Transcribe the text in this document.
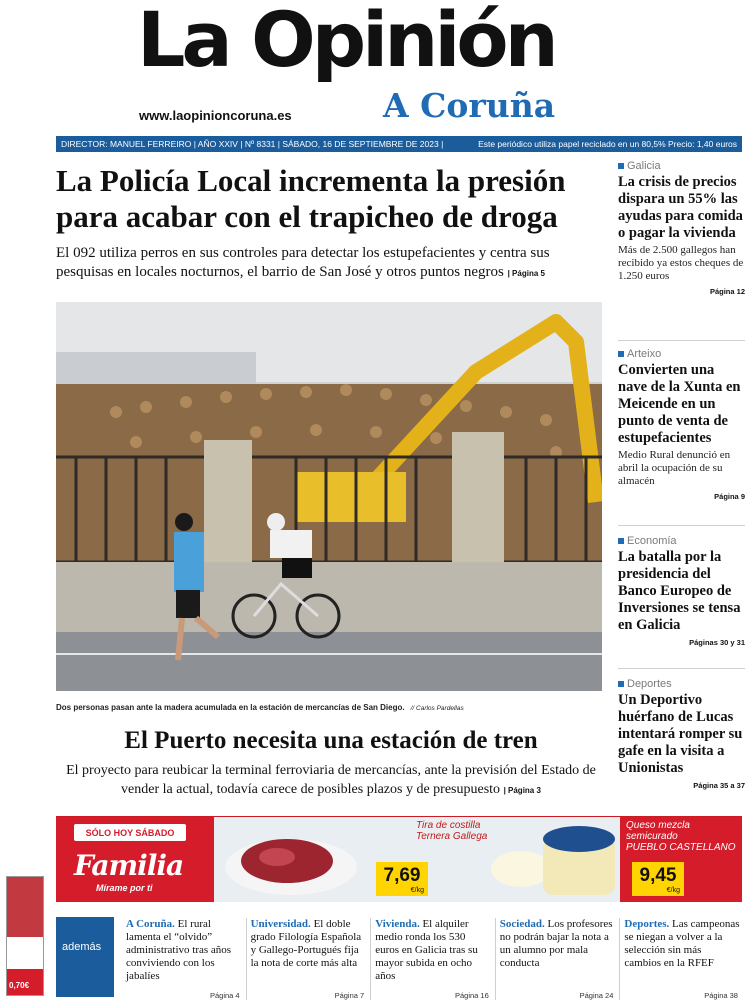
La Opinión
A Coruña
www.laopinioncoruna.es
DIRECTOR: MANUEL FERREIRO | AÑO XXIV | Nº 8331 | SÁBADO, 16 DE SEPTIEMBRE DE 2023 |	Este periódico utiliza papel reciclado en un 80,5% Precio: 1,40 euros
La Policía Local incrementa la presión para acabar con el trapicheo de droga

El 092 utiliza perros en sus controles para detectar los estupefacientes y centra sus pesquisas en locales nocturnos, el barrio de San José y otros puntos negros | Página 5

Dos personas pasan ante la madera acumulada en la estación de mercancías de San Diego. // Carlos Pardellas
El Puerto necesita una estación de tren

El proyecto para reubicar la terminal ferroviaria de mercancías, ante la previsión del Estado de vender la actual, todavía carece de posibles plazos y de presupuesto | Página 3

Galicia
La crisis de precios dispara un 55% las ayudas para comida o pagar la vivienda
Más de 2.500 gallegos han recibido ya estos cheques de 1.250 euros
Página 12
Arteixo
Convierten una nave de la Xunta en Meicende en un punto de venta de estupefacientes
Medio Rural denunció en abril la ocupación de su almacén
Página 9
Economía
La batalla por la presidencia del Banco Europeo de Inversiones se tensa en Galicia
Páginas 30 y 31
Deportes
Un Deportivo huérfano de Lucas intentará romper su gafe en la visita a Unionistas
Página 35 a 37
SÓLO HOY SÁBADO
Familia
Mírame por ti
Tira de costilla
Ternera Gallega
7,69
€/kg
Queso mezcla
semicurado
PUEBLO CASTELLANO
9,45
€/kg
0,70€
además
A Coruña. El rural lamenta el “olvido” administrativo tras años conviviendo con los jabalíes
Página 4
Universidad. El doble grado Filología Española y Gallego-Portugués fija la nota de corte más alta
Página 7
Vivienda. El alquiler medio ronda los 530 euros en Galicia tras su mayor subida en ocho años
Página 16
Sociedad. Los profesores no podrán bajar la nota a un alumno por mala conducta
Página 24
Deportes. Las campeonas se niegan a volver a la selección sin más cambios en la RFEF
Página 38
